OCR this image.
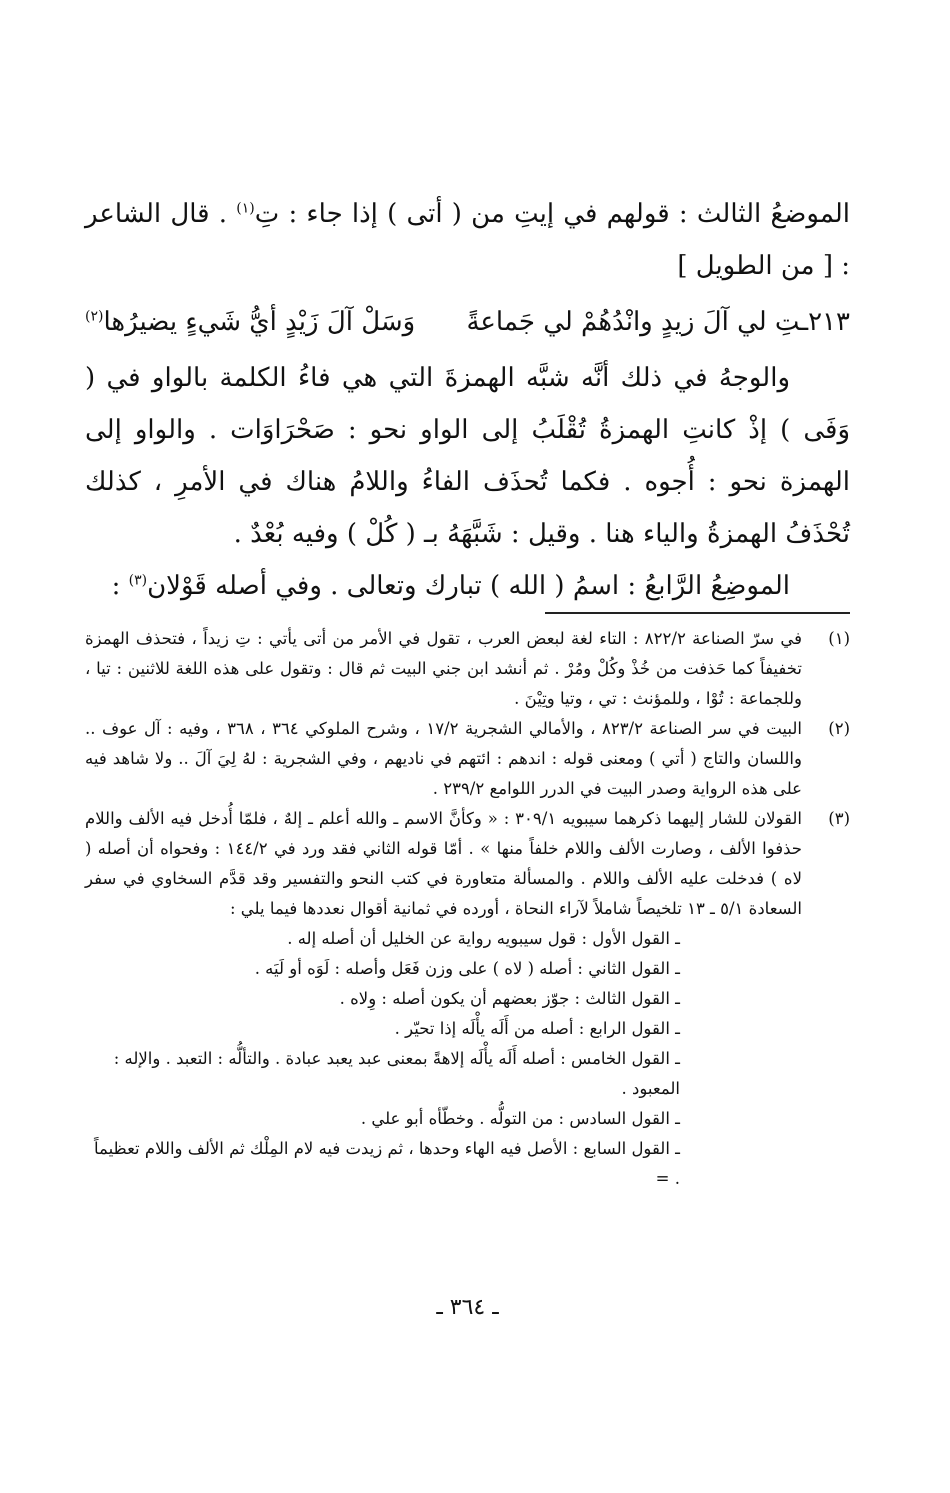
الموضعُ الثالث : قولهم في إيتِ من ( أتى ) إذا جاء : تِ$^{(١)}$ . قال الشاعر : [ من الطويل ]

٢١٣ـتِ لي آلَ زيدٍ وانْدُهُمْ لي جَماعةً
وَسَلْ آلَ زَيْدٍ أيُّ شَيءٍ يضيرُها$^{(٢)}$

والوجهُ في ذلك أنَّه شبَّه الهمزةَ التي هي فاءُ الكلمة بالواو في ( وَفَى ) إذْ كانتِ الهمزةُ تُقْلَبُ إلى الواو نحو : صَحْرَاوَات . والواو إلى الهمزة نحو : أُجوه . فكما تُحذَف الفاءُ واللامُ هناك في الأمرِ ، كذلك تُحْذَفُ الهمزةُ والياء هنا . وقيل : شَبَّهَهُ بـ ( كُلْ ) وفيه بُعْدٌ .

الموضِعُ الرَّابعُ : اسمُ ( الله ) تبارك وتعالى . وفي أصله قَوْلان$^{(٣)}$ :

(١)
في سرّ الصناعة ٨٢٢/٢ : التاء لغة لبعض العرب ، تقول في الأمر من أتى يأتي : تِ زيداً ، فتحذف الهمزة تخفيفاً كما حَذفت من خُذْ وكُلْ ومُرْ . ثم أنشد ابن جني البيت ثم قال : وتقول على هذه اللغة للاثنين : تيا ، وللجماعة : تُوْا ، وللمؤنث : تي ، وتيا وتِيْنَ .
(٢)
البيت في سر الصناعة ٨٢٣/٢ ، والأمالي الشجرية ١٧/٢ ، وشرح الملوكي ٣٦٤ ، ٣٦٨ ، وفيه : آل عوف .. واللسان والتاج ( أتي ) ومعنى قوله : اندهم : ائتهم في ناديهم ، وفي الشجرية : لهُ لِيَ آلَ .. ولا شاهد فيه على هذه الرواية وصدر البيت في الدرر اللوامع ٢٣٩/٢ .
(٣)
القولان للشار إليهما ذكرهما سيبويه ٣٠٩/١ : « وكأنَّ الاسم ـ والله أعلم ـ إلهٌ ، فلمّا أُدخل فيه الألف واللام حذفوا الألف ، وصارت الألف واللام خلفاً منها » . أمّا قوله الثاني فقد ورد في ١٤٤/٢ : وفحواه أن أصله ( لاه ) فدخلت عليه الألف واللام . والمسألة متعاورة في كتب النحو والتفسير وقد قدَّم السخاوي في سفر السعادة ٥/١ ـ ١٣ تلخيصاً شاملاً لآراء النحاة ، أورده في ثمانية أقوال نعددها فيما يلي :

ـ القول الأول : قول سيبويه رواية عن الخليل أن أصله إله .

ـ القول الثاني : أصله ( لاه ) على وزن فَعَل وأصله : لَوَه أو لَيَه .

ـ القول الثالث : جوّز بعضهم أن يكون أصله : وِلاه .

ـ القول الرابع : أصله من أَلَه يأْلَه إذا تحيّر .

ـ القول الخامس : أصله أَلَه يأْلَه إلاهةً بمعنى عبد يعبد عبادة . والتألُّه : التعبد . والإله : المعبود .

ـ القول السادس : من التولُّه . وخطّأه أبو علي .

ـ القول السابع : الأصل فيه الهاء وحدها ، ثم زيدت فيه لام المِلْك ثم الألف واللام تعظيماً . =

ـ ٣٦٤ ـ
